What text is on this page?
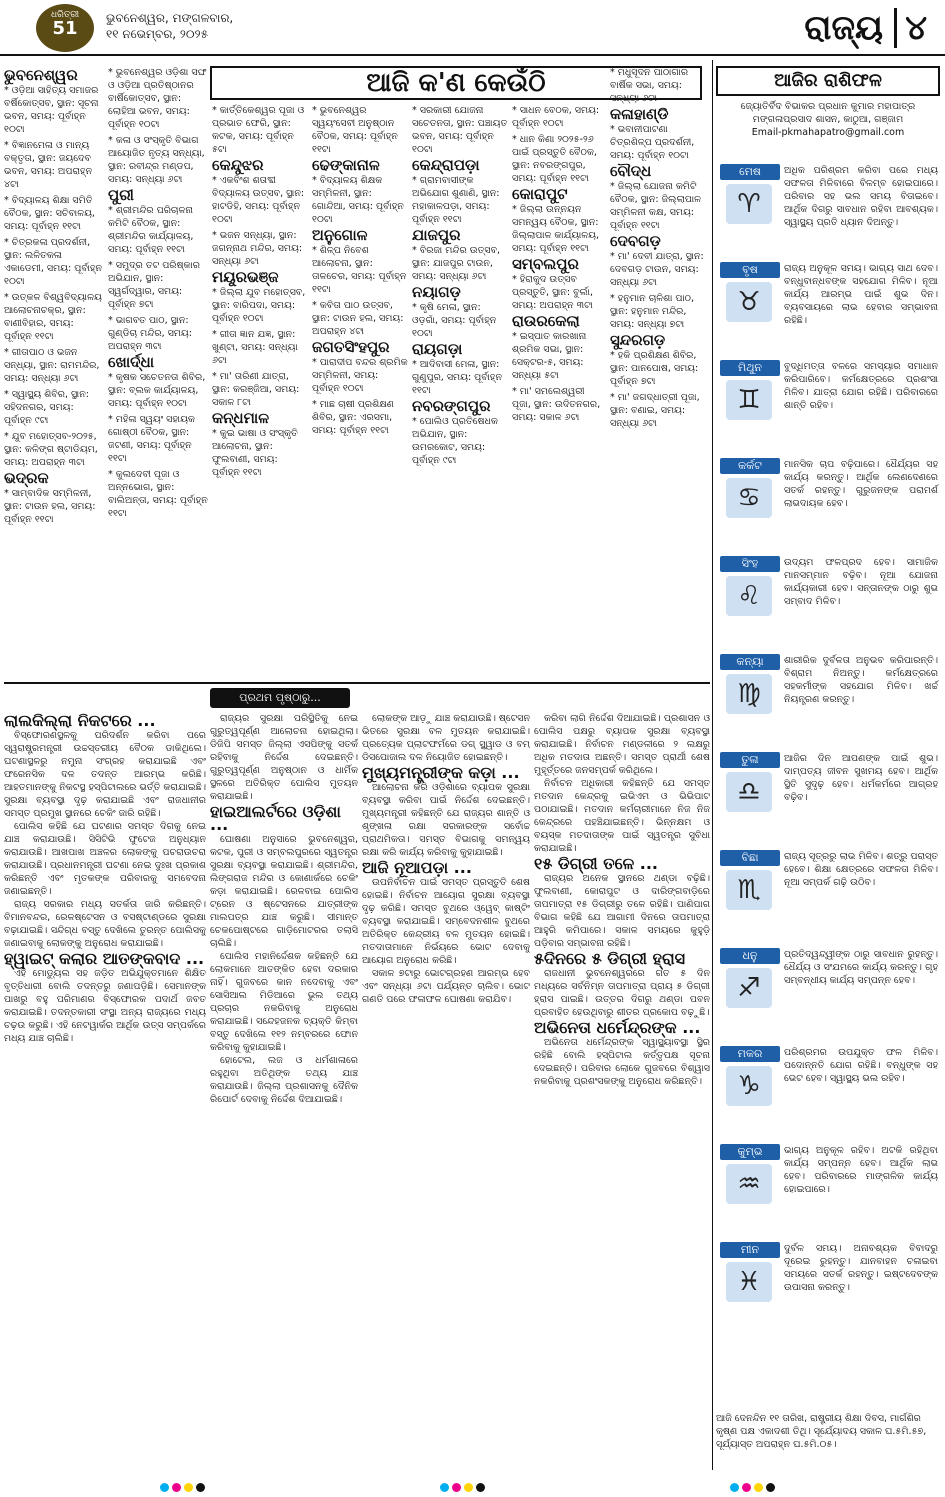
ଧରିତ୍ରୀ
51	ଭୁବନେଶ୍ୱର, ମଙ୍ଗଳବାର,
୧୧ ନଭେମ୍ବର, ୨୦୨୫	ରାଜ୍ୟ ୪
ଆଜି କ'ଣ କେଉଁଠି
ଭୁବନେଶ୍ୱର
* ଓଡ଼ିଆ ସାହିତ୍ୟ ସମାଜର ବର୍ଷିକୋତ୍ସବ, ସ୍ଥାନ: ସୂଚନା ଭବନ, ସମୟ: ପୂର୍ବାହ୍ନ ୧୦ଟା
* ବିଜ୍ଞାନମେଳା ଓ ମାନ୍ୟ ବକ୍ତୃତା, ସ୍ଥାନ: ଜୟଦେବ ଭବନ, ସମୟ: ଅପରାହ୍ନ ୪ଟା
* ବିଦ୍ୟାଳୟ ଶିକ୍ଷା ସମିତି ବୈଠକ, ସ୍ଥାନ: ସଚିବାଳୟ, ସମୟ: ପୂର୍ବାହ୍ନ ୧୧ଟା
* ଚିତ୍ରକଳା ପ୍ରଦର୍ଶନୀ, ସ୍ଥାନ: ଲଳିତକଳା ଏକାଡେମୀ, ସମୟ: ପୂର୍ବାହ୍ନ ୧୦ଟା
* ଉତ୍କଳ ବିଶ୍ୱବିଦ୍ୟାଳୟ ଆଲୋଚନାଚକ୍ର, ସ୍ଥାନ: ବାଣୀବିହାର, ସମୟ: ପୂର୍ବାହ୍ନ ୧୧ଟା
* ଗୀତାପାଠ ଓ ଭଜନ ସନ୍ଧ୍ୟା, ସ୍ଥାନ: ରାମମନ୍ଦିର, ସମୟ: ସନ୍ଧ୍ୟା ୬ଟା
* ସ୍ୱାସ୍ଥ୍ୟ ଶିବିର, ସ୍ଥାନ: ସହିଦନଗର, ସମୟ: ପୂର୍ବାହ୍ନ ୯ଟା
* ଯୁବ ମହୋତ୍ସବ-୨୦୨୫, ସ୍ଥାନ: କଳିଙ୍ଗ ଷ୍ଟାଡିୟମ, ସମୟ: ଅପରାହ୍ନ ୩ଟା
ଭଦ୍ରକ
* ସାମ୍ବାଦିକ ସମ୍ମିଳନୀ, ସ୍ଥାନ: ଟାଉନ ହଲ, ସମୟ: ପୂର୍ବାହ୍ନ ୧୧ଟା
* ଭୁବନେଶ୍ୱର ଓଡ଼ିଶା ସଙ୍ଘ ଓ ଓଡ଼ିଆ ପ୍ରତିଷ୍ଠାନର ବାର୍ଷିକୋତ୍ସବ, ସ୍ଥାନ: ଲୋହିଆ ଭବନ, ସମୟ: ପୂର୍ବାହ୍ନ ୧୦ଟା
* କଳା ଓ ସଂସ୍କୃତି ବିଭାଗ ଆୟୋଜିତ ନୃତ୍ୟ ସନ୍ଧ୍ୟା, ସ୍ଥାନ: ରବୀନ୍ଦ୍ର ମଣ୍ଡପ, ସମୟ: ସନ୍ଧ୍ୟା ୬ଟା
ପୁରୀ
* ଶ୍ରୀମନ୍ଦିର ପରିଚାଳନା କମିଟି ବୈଠକ, ସ୍ଥାନ: ଶ୍ରୀମନ୍ଦିର କାର୍ଯ୍ୟାଳୟ, ସମୟ: ପୂର୍ବାହ୍ନ ୧୧ଟା
* ସମୁଦ୍ର ତଟ ପରିଷ୍କାର ଅଭିଯାନ, ସ୍ଥାନ: ସ୍ୱର୍ଗଦ୍ୱାର, ସମୟ: ପୂର୍ବାହ୍ନ ୭ଟା
* ଭାଗବତ ପାଠ, ସ୍ଥାନ: ଗୁଣ୍ଡିଚା ମନ୍ଦିର, ସମୟ: ଅପରାହ୍ନ ୩ଟା
ଖୋର୍ଦ୍ଧା
* କୃଷକ ସଚେତନତା ଶିବିର, ସ୍ଥାନ: ବ୍ଲକ କାର୍ଯ୍ୟାଳୟ, ସମୟ: ପୂର୍ବାହ୍ନ ୧୦ଟା
* ମହିଳା ସ୍ୱୟଂ ସହାୟକ ଗୋଷ୍ଠୀ ବୈଠକ, ସ୍ଥାନ: ଜଟଣୀ, ସମୟ: ପୂର୍ବାହ୍ନ ୧୧ଟା
* କୁଲଦେବୀ ପୂଜା ଓ ଅନ୍ନଭୋଗ, ସ୍ଥାନ: ବାଲିଅନ୍ତା, ସମୟ: ପୂର୍ବାହ୍ନ ୧୧ଟା
* କାର୍ତ୍ତିକେଶ୍ୱର ପୂଜା ଓ ପ୍ରଭାତ ଫେରି, ସ୍ଥାନ: କଟକ, ସମୟ: ପୂର୍ବାହ୍ନ ୫ଟା
କେନ୍ଦୁଝର
* ଏକବିଂଶ ଶତାବ୍ଦୀ ବିଦ୍ୟାଳୟ ଉତ୍ସବ, ସ୍ଥାନ: ହାଟଡିହି, ସମୟ: ପୂର୍ବାହ୍ନ ୧୦ଟା
* ଭଜନ ସନ୍ଧ୍ୟା, ସ୍ଥାନ: ଜଗନ୍ନାଥ ମନ୍ଦିର, ସମୟ: ସନ୍ଧ୍ୟା ୬ଟା
ମୟୂରଭଞ୍ଜ
* ଜିଲ୍ଲା ଯୁବ ମହୋତ୍ସବ, ସ୍ଥାନ: ବାରିପଦା, ସମୟ: ପୂର୍ବାହ୍ନ ୧୦ଟା
* ଗୀତା ଜ୍ଞାନ ଯଜ୍ଞ, ସ୍ଥାନ: ଖୁଣ୍ଟା, ସମୟ: ସନ୍ଧ୍ୟା ୬ଟା
* ମା' ତାରିଣୀ ଯାତ୍ରା, ସ୍ଥାନ: କରଞ୍ଜିଆ, ସମୟ: ସକାଳ ୮ଟା
କନ୍ଧମାଳ
* କୁଇ ଭାଷା ଓ ସଂସ୍କୃତି ଆଲୋଚନା, ସ୍ଥାନ: ଫୁଲବାଣୀ, ସମୟ: ପୂର୍ବାହ୍ନ ୧୧ଟା
* ଭୁବନେଶ୍ୱର ସ୍ୱୟଂସେବୀ ଅନୁଷ୍ଠାନ ବୈଠକ, ସମୟ: ପୂର୍ବାହ୍ନ ୧୧ଟା
ଢେଙ୍କାନାଳ
* ବିଦ୍ୟାଳୟ ଶିକ୍ଷକ ସମ୍ମିଳନୀ, ସ୍ଥାନ: ଗୋନ୍ଦିଆ, ସମୟ: ପୂର୍ବାହ୍ନ ୧୦ଟା
ଅନୁଗୋଳ
* ଶିଳ୍ପ ନିବେଶ ଆଲୋଚନା, ସ୍ଥାନ: ତାଳଚେର, ସମୟ: ପୂର୍ବାହ୍ନ ୧୧ଟା
* କବିତା ପାଠ ଉତ୍ସବ, ସ୍ଥାନ: ଟାଉନ ହଲ, ସମୟ: ଅପରାହ୍ନ ୪ଟା
ଜଗତସିଂହପୁର
* ପାରାଦୀପ ବନ୍ଦର ଶ୍ରମିକ ସମ୍ମିଳନୀ, ସମୟ: ପୂର୍ବାହ୍ନ ୧୦ଟା
* ମାଛ ଚାଷୀ ପ୍ରଶିକ୍ଷଣ ଶିବିର, ସ୍ଥାନ: ଏରସମା, ସମୟ: ପୂର୍ବାହ୍ନ ୧୧ଟା
* ସରକାରୀ ଯୋଜନା ସଚେତନତା, ସ୍ଥାନ: ପଞ୍ଚାୟତ ଭବନ, ସମୟ: ପୂର୍ବାହ୍ନ ୧୦ଟା
କେନ୍ଦ୍ରାପଡ଼ା
* ଗ୍ରାମବାସୀଙ୍କ ଅଭିଯୋଗ ଶୁଣାଣି, ସ୍ଥାନ: ମହାକାଳପଡ଼ା, ସମୟ: ପୂର୍ବାହ୍ନ ୧୧ଟା
ଯାଜପୁର
* ବିରଜା ମନ୍ଦିର ଉତ୍ସବ, ସ୍ଥାନ: ଯାଜପୁର ଟାଉନ, ସମୟ: ସନ୍ଧ୍ୟା ୬ଟା
ନୟାଗଡ଼
* କୃଷି ମେଳା, ସ୍ଥାନ: ଓଡ଼ଗାଁ, ସମୟ: ପୂର୍ବାହ୍ନ ୧୦ଟା
ରାୟଗଡ଼ା
* ଆଦିବାସୀ ମେଳା, ସ୍ଥାନ: ଗୁଣୁପୁର, ସମୟ: ପୂର୍ବାହ୍ନ ୧୧ଟା
ନବରଙ୍ଗପୁର
* ପୋଲିଓ ପ୍ରତିଷେଧକ ଅଭିଯାନ, ସ୍ଥାନ: ଉମରକୋଟ, ସମୟ: ପୂର୍ବାହ୍ନ ୯ଟା
* ସାଧନ ବେଠକ, ସମୟ: ପୂର୍ବାହ୍ନ ୧୦ଟା
* ଧାନ କିଣା ୨୦୨୫-୨୬ ପାଇଁ ପ୍ରସ୍ତୁତି ବୈଠକ, ସ୍ଥାନ: ନବରଙ୍ଗପୁର, ସମୟ: ପୂର୍ବାହ୍ନ ୧୧ଟା
କୋରାପୁଟ
* ଜିଲ୍ଲା ଉନ୍ନୟନ ସମନ୍ୱୟ ବୈଠକ, ସ୍ଥାନ: ଜିଲ୍ଲାପାଳ କାର୍ଯ୍ୟାଳୟ, ସମୟ: ପୂର୍ବାହ୍ନ ୧୧ଟା
ସମ୍ବଲପୁର
* ହିରାକୁଦ ଉତ୍ସବ ପ୍ରସ୍ତୁତି, ସ୍ଥାନ: ବୁର୍ଲା, ସମୟ: ଅପରାହ୍ନ ୩ଟା
ରାଉରକେଲା
* ଇସ୍ପାତ କାରଖାନା ଶ୍ରମିକ ସଭା, ସ୍ଥାନ: ସେକ୍ଟର-୫, ସମୟ: ସନ୍ଧ୍ୟା ୫ଟା
* ମା' ସମଲେଶ୍ୱରୀ ପୂଜା, ସ୍ଥାନ: ଉଦିତନଗର, ସମୟ: ସକାଳ ୬ଟା
* ମଧୁସୂଦନ ପାଠାଗାର ବାର୍ଷିକ ସଭା, ସମୟ: ସନ୍ଧ୍ୟା ୬ଟା
କଳାହାଣ୍ଡି
* ଭବାନୀପାଟଣା ଚିତ୍ରଶିଳ୍ପ ପ୍ରଦର୍ଶନୀ, ସମୟ: ପୂର୍ବାହ୍ନ ୧୦ଟା
ବୌଦ୍ଧ
* ଜିଲ୍ଲା ଯୋଜନା କମିଟି ବୈଠକ, ସ୍ଥାନ: ଜିଲ୍ଲାପାଳ ସମ୍ମିଳନୀ କକ୍ଷ, ସମୟ: ପୂର୍ବାହ୍ନ ୧୧ଟା
ଦେବଗଡ଼
* ମା' ଦେବୀ ଯାତ୍ରା, ସ୍ଥାନ: ଦେବଗଡ଼ ଟାଉନ, ସମୟ: ସନ୍ଧ୍ୟା ୬ଟା
* ହନୁମାନ ଚାଳିଶା ପାଠ, ସ୍ଥାନ: ହନୁମାନ ମନ୍ଦିର, ସମୟ: ସନ୍ଧ୍ୟା ୭ଟା
ସୁନ୍ଦରଗଡ଼
* ହକି ପ୍ରଶିକ୍ଷଣ ଶିବିର, ସ୍ଥାନ: ପାନପୋଷ, ସମୟ: ପୂର୍ବାହ୍ନ ୭ଟା
* ମା' ଜଗଦ୍ଧାତ୍ରୀ ପୂଜା, ସ୍ଥାନ: ବଣାଇ, ସମୟ: ସନ୍ଧ୍ୟା ୬ଟା
ପ୍ରଥମ ପୃଷ୍ଠାରୁ...
ଲାଲକିଲ୍ଲା ନିକଟରେ ...

ବିସ୍ଫୋରଣସ୍ଥଳକୁ ପରିଦର୍ଶନ କରିବା ପରେ ସ୍ୱରାଷ୍ଟ୍ରମନ୍ତ୍ରୀ ଉଚ୍ଚସ୍ତରୀୟ ବୈଠକ ଡାକିଥିଲେ। ଘଟଣାସ୍ଥଳରୁ ନମୁନା ସଂଗ୍ରହ କରାଯାଇଛି ଏବଂ ଫରେନସିକ ଦଳ ତଦନ୍ତ ଆରମ୍ଭ କରିଛି। ଆହତମାନଙ୍କୁ ନିକଟସ୍ଥ ହସ୍ପିଟାଲରେ ଭର୍ତ୍ତି କରାଯାଇଛି। ସୁରକ୍ଷା ବ୍ୟବସ୍ଥା ଦୃଢ଼ କରାଯାଇଛି ଏବଂ ରାଜଧାନୀର ସମସ୍ତ ପ୍ରମୁଖ ସ୍ଥାନରେ ଚେକିଂ ଜାରି ରହିଛି।

ପୋଲିସ କହିଛି ଯେ ଘଟଣାର ସମସ୍ତ ଦିଗକୁ ନେଇ ଯାଞ୍ଚ କରାଯାଉଛି। ସିସିଟିଭି ଫୁଟେଜ ଅନୁଧ୍ୟାନ କରାଯାଉଛି। ଆଖପାଖ ଅଞ୍ଚଳର ଲୋକଙ୍କୁ ପଚରାଉଚରା କରାଯାଉଛି। ପ୍ରଧାନମନ୍ତ୍ରୀ ଘଟଣା ନେଇ ଦୁଃଖ ପ୍ରକାଶ କରିଛନ୍ତି ଏବଂ ମୃତକଙ୍କ ପରିବାରକୁ ସମବେଦନା ଜଣାଇଛନ୍ତି।

ରାଜ୍ୟ ସରକାର ମଧ୍ୟ ସତର୍କତା ଜାରି କରିଛନ୍ତି। ବିମାନବନ୍ଦର, ରେଳଷ୍ଟେସନ ଓ ବସଷ୍ଟାଣ୍ଡରେ ସୁରକ୍ଷା ବଢ଼ାଯାଇଛି। ସନ୍ଦିଗ୍ଧ ବସ୍ତୁ ଦେଖିଲେ ତୁରନ୍ତ ପୋଲିସକୁ ଜଣାଇବାକୁ ଲୋକଙ୍କୁ ଅନୁରୋଧ କରାଯାଇଛି।

ହ୍ୱାଇଟ୍ କଲାର ଆତଙ୍କବାଦ ...

ଏହି ମୋଡ୍ୟୁଲ ସହ ଜଡ଼ିତ ଅଭିଯୁକ୍ତମାନେ ଶିକ୍ଷିତ ବୃତ୍ତିଧାରୀ ବୋଲି ତଦନ୍ତରୁ ଜଣାପଡ଼ିଛି। ସେମାନଙ୍କ ପାଖରୁ ବହୁ ପରିମାଣର ବିସ୍ଫୋରକ ପଦାର୍ଥ ଜବତ କରାଯାଇଛି। ତଦନ୍ତକାରୀ ସଂସ୍ଥା ଅନ୍ୟ ରାଜ୍ୟରେ ମଧ୍ୟ ଚଢ଼ଉ କରୁଛି। ଏହି ନେଟୱାର୍କର ଆର୍ଥିକ ଉତ୍ସ ସମ୍ପର୍କରେ ମଧ୍ୟ ଯାଞ୍ଚ ଚାଲିଛି।

ରାଜ୍ୟର ସୁରକ୍ଷା ପରିସ୍ଥିତିକୁ ନେଇ ଗୁରୁତ୍ୱପୂର୍ଣ୍ଣ ଆଲୋଚନା ହୋଇଥିଲା। ଡିଜିପି ସମସ୍ତ ଜିଲ୍ଲା ଏସପିଙ୍କୁ ସତର୍କ ରହିବାକୁ ନିର୍ଦ୍ଦେଶ ଦେଇଛନ୍ତି। ଗୁରୁତ୍ୱପୂର୍ଣ୍ଣ ଅନୁଷ୍ଠାନ ଓ ଧାର୍ମିକ ସ୍ଥଳରେ ଅତିରିକ୍ତ ପୋଲିସ ମୁତୟନ କରାଯାଇଛି।

ହାଇଆଲର୍ଟରେ ଓଡ଼ିଶା ...

ଘୋଷଣା ଅନୁସାରେ ଭୁବନେଶ୍ୱର, କଟକ, ପୁରୀ ଓ ସମ୍ବଲପୁରରେ ସ୍ୱତନ୍ତ୍ର ସୁରକ୍ଷା ବ୍ୟବସ୍ଥା କରାଯାଇଛି। ଶ୍ରୀମନ୍ଦିର, ଲିଙ୍ଗରାଜ ମନ୍ଦିର ଓ କୋଣାର୍କରେ ଚେକିଂ କଡ଼ା କରାଯାଇଛି। ରେଳବାଇ ପୋଲିସ ଟ୍ରେନ ଓ ଷ୍ଟେସନରେ ଯାତ୍ରୀଙ୍କ ମାଲପତ୍ର ଯାଞ୍ଚ କରୁଛି। ସୀମାନ୍ତ ଚେକପୋଷ୍ଟରେ ଗାଡ଼ିମୋଟରର ତଲାସି ଚାଲିଛି।

ପୋଲିସ ମହାନିର୍ଦ୍ଦେଶକ କହିଛନ୍ତି ଯେ ଲୋକମାନେ ଆତଙ୍କିତ ହେବା ଦରକାର ନାହିଁ। ଗୁଜବରେ କାନ ନଦେବାକୁ ଏବଂ ସୋସିଆଲ ମିଡିଆରେ ଭୁଲ ତଥ୍ୟ ପ୍ରଚାର ନକରିବାକୁ ଅନୁରୋଧ କରାଯାଇଛି। ସନ୍ଦେହଜନକ ବ୍ୟକ୍ତି କିମ୍ବା ବସ୍ତୁ ଦେଖିଲେ ୧୧୨ ନମ୍ବରରେ ଫୋନ କରିବାକୁ କୁହାଯାଇଛି।

ହୋଟେଲ, ଲଜ ଓ ଧର୍ମଶାଳାରେ ରହୁଥିବା ଅତିଥିଙ୍କ ତଥ୍ୟ ଯାଞ୍ଚ କରାଯାଉଛି। ଜିଲ୍ଲା ପ୍ରଶାସନକୁ ଦୈନିକ ରିପୋର୍ଟ ଦେବାକୁ ନିର୍ଦ୍ଦେଶ ଦିଆଯାଇଛି।

ଲୋକଙ୍କ ଆଡ଼ୁ ଯାଞ୍ଚ କରାଯାଉଛି। ଷ୍ଟେସନ ଭିତରେ ସୁରକ୍ଷା ବଳ ମୁତୟନ କରାଯାଇଛି। ପ୍ରତ୍ୟେକ ପ୍ଲାଟଫର୍ମରେ ଡଗ୍ ସ୍କ୍ୱାଡ ଓ ବମ୍ ଡିସପୋଜାଲ ଦଳ ନିୟୋଜିତ ହୋଇଛନ୍ତି।

ମୁଖ୍ୟମନ୍ତ୍ରୀଙ୍କ କଡ଼ା ...

ଆଲୋଚନା କରି ଓଡ଼ିଶାରେ ବ୍ୟାପକ ସୁରକ୍ଷା ବ୍ୟବସ୍ଥା କରିବା ପାଇଁ ନିର୍ଦ୍ଦେଶ ଦେଇଛନ୍ତି। ମୁଖ୍ୟମନ୍ତ୍ରୀ କହିଛନ୍ତି ଯେ ରାଜ୍ୟର ଶାନ୍ତି ଓ ଶୃଙ୍ଖଳା ରକ୍ଷା ସରକାରଙ୍କ ସର୍ବୋଚ୍ଚ ପ୍ରାଥମିକତା। ସମସ୍ତ ବିଭାଗକୁ ସମନ୍ୱୟ ରକ୍ଷା କରି କାର୍ଯ୍ୟ କରିବାକୁ କୁହାଯାଇଛି।

ଆଜି ନୂଆପଡ଼ା ...

ଉପନିର୍ବାଚନ ପାଇଁ ସମସ୍ତ ପ୍ରସ୍ତୁତି ଶେଷ ହୋଇଛି। ନିର୍ବାଚନ ଆୟୋଗ ସୁରକ୍ଷା ବ୍ୟବସ୍ଥା ଦୃଢ଼ କରିଛି। ସମସ୍ତ ବୁଥରେ ଓ୍ୱେବ୍ କାଷ୍ଟିଂ ବ୍ୟବସ୍ଥା କରାଯାଇଛି। ସମ୍ବେଦନଶୀଳ ବୁଥରେ ଅତିରିକ୍ତ କେନ୍ଦ୍ରୀୟ ବଳ ମୁତୟନ ହୋଇଛି। ମତଦାତାମାନେ ନିର୍ଭୟରେ ଭୋଟ ଦେବାକୁ ଆୟୋଗ ଅନୁରୋଧ କରିଛି।

ସକାଳ ୭ଟାରୁ ଭୋଟଗ୍ରହଣ ଆରମ୍ଭ ହେବ ଏବଂ ସନ୍ଧ୍ୟା ୬ଟା ପର୍ଯ୍ୟନ୍ତ ଚାଲିବ। ଭୋଟ ଗଣତି ପରେ ଫଳାଫଳ ଘୋଷଣା କରାଯିବ।

କରିବା ଲାଗି ନିର୍ଦ୍ଦେଶ ଦିଆଯାଇଛି। ପ୍ରଶାସନ ଓ ପୋଲିସ ପକ୍ଷରୁ ବ୍ୟାପକ ସୁରକ୍ଷା ବ୍ୟବସ୍ଥା କରାଯାଇଛି। ନିର୍ବାଚନ ମଣ୍ଡଳୀରେ ୨ ଲକ୍ଷରୁ ଅଧିକ ମତଦାତା ଅଛନ୍ତି। ସମସ୍ତ ପ୍ରାର୍ଥୀ ଶେଷ ମୁହୂର୍ତ୍ତରେ ଜନସମ୍ପର୍କ କରିଥିଲେ।

ନିର୍ବାଚନ ଅଧିକାରୀ କହିଛନ୍ତି ଯେ ସମସ୍ତ ମତଦାନ କେନ୍ଦ୍ରକୁ ଇଭିଏମ ଓ ଭିଭିପାଟ ପଠାଯାଇଛି। ମତଦାନ କର୍ମଚାରୀମାନେ ନିଜ ନିଜ କେନ୍ଦ୍ରରେ ପହଞ୍ଚିଯାଇଛନ୍ତି। ଭିନ୍ନକ୍ଷମ ଓ ବୟସ୍କ ମତଦାତାଙ୍କ ପାଇଁ ସ୍ୱତନ୍ତ୍ର ସୁବିଧା କରାଯାଇଛି।

୧୫ ଡିଗ୍ରୀ ତଳେ ...

ରାଜ୍ୟର ଅନେକ ସ୍ଥାନରେ ଥଣ୍ଡା ବଢ଼ିଛି। ଫୁଲବାଣୀ, କୋରାପୁଟ ଓ ଦାରିଙ୍ଗବାଡ଼ିରେ ତାପମାତ୍ରା ୧୫ ଡିଗ୍ରୀରୁ ତଳେ ରହିଛି। ପାଣିପାଗ ବିଭାଗ କହିଛି ଯେ ଆଗାମୀ ଦିନରେ ତାପମାତ୍ରା ଆହୁରି କମିପାରେ। ସକାଳ ସମୟରେ କୁହୁଡ଼ି ପଡ଼ିବାର ସମ୍ଭାବନା ରହିଛି।

୫ଦିନରେ ୫ ଡିଗ୍ରୀ ହ୍ରାସ

ରାଜଧାନୀ ଭୁବନେଶ୍ୱରରେ ଗତ ୫ ଦିନ ମଧ୍ୟରେ ସର୍ବନିମ୍ନ ତାପମାତ୍ରା ପ୍ରାୟ ୫ ଡିଗ୍ରୀ ହ୍ରାସ ପାଇଛି। ଉତ୍ତର ଦିଗରୁ ଥଣ୍ଡା ପବନ ପ୍ରବାହିତ ହେଉଥିବାରୁ ଶୀତର ପ୍ରକୋପ ବଢ଼ୁଛି।

ଅଭିନେତା ଧର୍ମେନ୍ଦ୍ରଙ୍କ ...

ଅଭିନେତା ଧର୍ମେନ୍ଦ୍ରଙ୍କ ସ୍ୱାସ୍ଥ୍ୟାବସ୍ଥା ସ୍ଥିର ରହିଛି ବୋଲି ହସ୍ପିଟାଲ କର୍ତ୍ତୃପକ୍ଷ ସୂଚନା ଦେଇଛନ୍ତି। ପରିବାର ଲୋକେ ଗୁଜବରେ ବିଶ୍ୱାସ ନକରିବାକୁ ପ୍ରଶଂସକଙ୍କୁ ଅନୁରୋଧ କରିଛନ୍ତି।

ଆଜିର ରାଶିଫଳ
ଜ୍ୟୋତିର୍ବିଦ ବିଭାକର ପ୍ରଧାନ କୁମାର ମହାପାତ୍ର
ମଙ୍ଗଳାପ୍ରସାଦ ଶାସନ, କାଠୁଆ, ଗଞ୍ଜାମ
Email-pkmahapatro@gmail.com
ମେଷ
♈
ଅଧିକ ପରିଶ୍ରମ କରିବା ପରେ ମଧ୍ୟ ସଫଳତା ମିଳିବାରେ ବିଳମ୍ବ ହୋଇପାରେ। ପରିବାର ସହ ଭଲ ସମୟ ବିତାଇବେ। ଆର୍ଥିକ ଦିଗରୁ ସାବଧାନ ରହିବା ଆବଶ୍ୟକ। ସ୍ୱାସ୍ଥ୍ୟ ପ୍ରତି ଧ୍ୟାନ ଦିଅନ୍ତୁ।
ବୃଷ
♉
ରାଜ୍ୟ ଅନୁକୂଳ ସମୟ। ଭାଗ୍ୟ ସାଥ ଦେବ। ବନ୍ଧୁବାନ୍ଧବଙ୍କ ସହଯୋଗ ମିଳିବ। ନୂଆ କାର୍ଯ୍ୟ ଆରମ୍ଭ ପାଇଁ ଶୁଭ ଦିନ। ବ୍ୟବସାୟରେ ଲାଭ ହେବାର ସମ୍ଭାବନା ରହିଛି।
ମିଥୁନ
♊
ବୁଦ୍ଧିମତ୍ତା ବଳରେ ସମସ୍ୟାର ସମାଧାନ କରିପାରିବେ। କର୍ମକ୍ଷେତ୍ରରେ ପ୍ରଶଂସା ମିଳିବ। ଯାତ୍ରା ଯୋଗ ରହିଛି। ପରିବାରରେ ଶାନ୍ତି ରହିବ।
କର୍କଟ
♋
ମାନସିକ ଚାପ ବଢ଼ିପାରେ। ଧୈର୍ଯ୍ୟର ସହ କାର୍ଯ୍ୟ କରନ୍ତୁ। ଆର୍ଥିକ ଲେଣଦେଣରେ ସତର୍କ ରହନ୍ତୁ। ଗୁରୁଜନଙ୍କ ପରାମର୍ଶ ଲାଭଦାୟକ ହେବ।
ସିଂହ
♌
ଉଦ୍ୟମ ଫଳପ୍ରଦ ହେବ। ସାମାଜିକ ମାନସମ୍ମାନ ବଢ଼ିବ। ନୂଆ ଯୋଜନା କାର୍ଯ୍ୟକାରୀ ହେବ। ସନ୍ତାନଙ୍କ ଠାରୁ ଶୁଭ ସମ୍ବାଦ ମିଳିବ।
କନ୍ୟା
♍
ଶାରୀରିକ ଦୁର୍ବଳତା ଅନୁଭବ କରିପାରନ୍ତି। ବିଶ୍ରାମ ନିଅନ୍ତୁ। କର୍ମକ୍ଷେତ୍ରରେ ସହକର୍ମୀଙ୍କ ସହଯୋଗ ମିଳିବ। ଖର୍ଚ୍ଚ ନିୟନ୍ତ୍ରଣ କରନ୍ତୁ।
ତୁଳା
♎
ଆଜିର ଦିନ ଆପଣଙ୍କ ପାଇଁ ଶୁଭ। ଦାମ୍ପତ୍ୟ ଜୀବନ ସୁଖମୟ ହେବ। ଆର୍ଥିକ ସ୍ଥିତି ସୁଦୃଢ଼ ହେବ। ଧର୍ମକର୍ମରେ ଆଗ୍ରହ ବଢ଼ିବ।
ବିଛା
♏
ରାଜ୍ୟ ସୂତ୍ରରୁ ଲାଭ ମିଳିବ। ଶତ୍ରୁ ପରାସ୍ତ ହେବେ। ଶିକ୍ଷା କ୍ଷେତ୍ରରେ ସଫଳତା ମିଳିବ। ନୂଆ ସମ୍ପର୍କ ଗଢ଼ି ଉଠିବ।
ଧନୁ
♐
ପ୍ରତିଦ୍ୱନ୍ଦ୍ୱୀଙ୍କ ଠାରୁ ସାବଧାନ ରୁହନ୍ତୁ। ଧୈର୍ଯ୍ୟ ଓ ସଂଯମରେ କାର୍ଯ୍ୟ କରନ୍ତୁ। ଗୃହ ସମ୍ବନ୍ଧୀୟ କାର୍ଯ୍ୟ ସମ୍ପନ୍ନ ହେବ।
ମକର
♑
ପରିଶ୍ରମର ଉପଯୁକ୍ତ ଫଳ ମିଳିବ। ପଦୋନ୍ନତି ଯୋଗ ରହିଛି। ବନ୍ଧୁଙ୍କ ସହ ଭେଟ ହେବ। ସ୍ୱାସ୍ଥ୍ୟ ଭଲ ରହିବ।
କୁମ୍ଭ
♒
ଭାଗ୍ୟ ଅନୁକୂଳ ରହିବ। ଅଟକି ରହିଥିବା କାର୍ଯ୍ୟ ସମ୍ପନ୍ନ ହେବ। ଆର୍ଥିକ ଲାଭ ହେବ। ପରିବାରରେ ମାଙ୍ଗଳିକ କାର୍ଯ୍ୟ ହୋଇପାରେ।
ମୀନ
♓
ଦୁର୍ବଳ ସମୟ। ଅନାବଶ୍ୟକ ବିବାଦରୁ ଦୂରେଇ ରୁହନ୍ତୁ। ଯାନବାହନ ଚଳାଇବା ସମୟରେ ସତର୍କ ରହନ୍ତୁ। ଇଷ୍ଟଦେବଙ୍କ ଉପାସନା କରନ୍ତୁ।
ଆଜି ଦେନନ୍ଦିନ ୧୧ ତାରିଖ, ରାଷ୍ଟ୍ରୀୟ ଶିକ୍ଷା ଦିବସ, ମାର୍ଗଶିର କୃଷ୍ଣ ପକ୍ଷ ଏକାଦଶୀ ତିଥି। ସୂର୍ଯ୍ୟୋଦୟ ସକାଳ ଘ.୫ମି.୫୭, ସୂର୍ଯ୍ୟାସ୍ତ ଅପରାହ୍ନ ଘ.୫ମି.୦୫।
